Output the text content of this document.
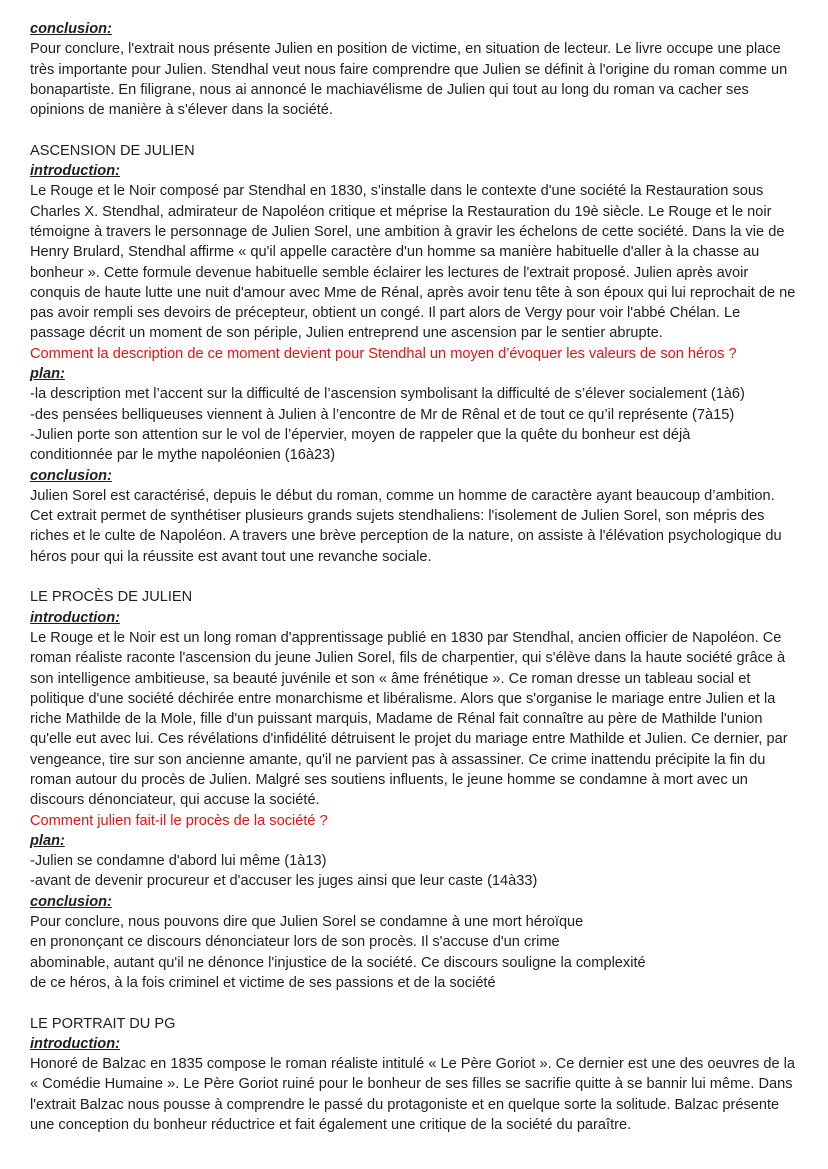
conclusion:

Pour conclure, l'extrait nous présente Julien en position de victime, en situation de lecteur. Le livre occupe une place très importante pour Julien. Stendhal veut nous faire comprendre que Julien se définit à l'origine du roman comme un bonapartiste. En filigrane, nous ai annoncé le machiavélisme de Julien qui tout au long du roman va cacher ses opinions de manière à s'élever dans la société.

ASCENSION DE JULIEN

introduction:

Le Rouge et le Noir composé par Stendhal en 1830, s'installe dans le contexte d'une société la Restauration sous Charles X. Stendhal, admirateur de Napoléon critique et méprise la Restauration du 19è siècle. Le Rouge et le noir témoigne à travers le personnage de Julien Sorel, une ambition à gravir les échelons de cette société. Dans la vie de Henry Brulard, Stendhal affirme « qu'il appelle caractère d'un homme sa manière habituelle d'aller à la chasse au bonheur ». Cette formule devenue habituelle semble éclairer les lectures de l'extrait proposé. Julien après avoir conquis de haute lutte une nuit d'amour avec Mme de Rénal, après avoir tenu tête à son époux qui lui reprochait de ne pas avoir rempli ses devoirs de précepteur, obtient un congé. Il part alors de Vergy pour voir l'abbé Chélan. Le passage décrit un moment de son périple, Julien entreprend une ascension par le sentier abrupte.

Comment la description de ce moment devient pour Stendhal un moyen d’évoquer les valeurs de son héros ?

plan:

-la description met l’accent sur la difficulté de l’ascension symbolisant la difficulté de s’élever socialement (1à6)

-des pensées belliqueuses viennent à Julien à l’encontre de Mr de Rênal et de tout ce qu’il représente (7à15)

-Julien porte son attention sur le vol de l’épervier, moyen de rappeler que la quête du bonheur est déjà conditionnée par le mythe napoléonien (16à23)

conclusion:

Julien Sorel est caractérisé, depuis le début du roman, comme un homme de caractère ayant beaucoup d’ambition. Cet extrait permet de synthétiser plusieurs grands sujets stendhaliens: l'isolement de Julien Sorel, son mépris des riches et le culte de Napoléon. A travers une brève perception de la nature, on assiste à l'élévation psychologique du héros pour qui la réussite est avant tout une revanche sociale.

LE PROCÈS DE JULIEN

introduction:

Le Rouge et le Noir est un long roman d'apprentissage publié en 1830 par Stendhal, ancien officier de Napoléon. Ce roman réaliste raconte l'ascension du jeune Julien Sorel, fils de charpentier, qui s'élève dans la haute société grâce à son intelligence ambitieuse, sa beauté juvénile et son « âme frénétique ». Ce roman dresse un tableau social et politique d'une société déchirée entre monarchisme et libéralisme. Alors que s'organise le mariage entre Julien et la riche Mathilde de la Mole, fille d'un puissant marquis, Madame de Rénal fait connaître au père de Mathilde l'union qu'elle eut avec lui. Ces révélations d'infidélité détruisent le projet du mariage entre Mathilde et Julien. Ce dernier, par vengeance, tire sur son ancienne amante, qu'il ne parvient pas à assassiner. Ce crime inattendu précipite la fin du roman autour du procès de Julien. Malgré ses soutiens influents, le jeune homme se condamne à mort avec un discours dénonciateur, qui accuse la société.

Comment julien fait-il le procès de la société ?

plan:

-Julien se condamne d'abord lui même (1à13)

-avant de devenir procureur et d'accuser les juges ainsi que leur caste (14à33)

conclusion:

Pour conclure, nous pouvons dire que Julien Sorel se condamne à une mort héroïque

en prononçant ce discours dénonciateur lors de son procès. Il s'accuse d'un crime

abominable, autant qu'il ne dénonce l'injustice de la société. Ce discours souligne la complexité

de ce héros, à la fois criminel et victime de ses passions et de la société

LE PORTRAIT DU PG

introduction:

Honoré de Balzac en 1835 compose le roman réaliste intitulé « Le Père Goriot ». Ce dernier est une des oeuvres de la « Comédie Humaine ». Le Père Goriot ruiné pour le bonheur de ses filles se sacrifie quitte à se bannir lui même. Dans l'extrait Balzac nous pousse à comprendre le passé du protagoniste et en quelque sorte la solitude. Balzac présente une conception du bonheur réductrice et fait également une critique de la société du paraître.
